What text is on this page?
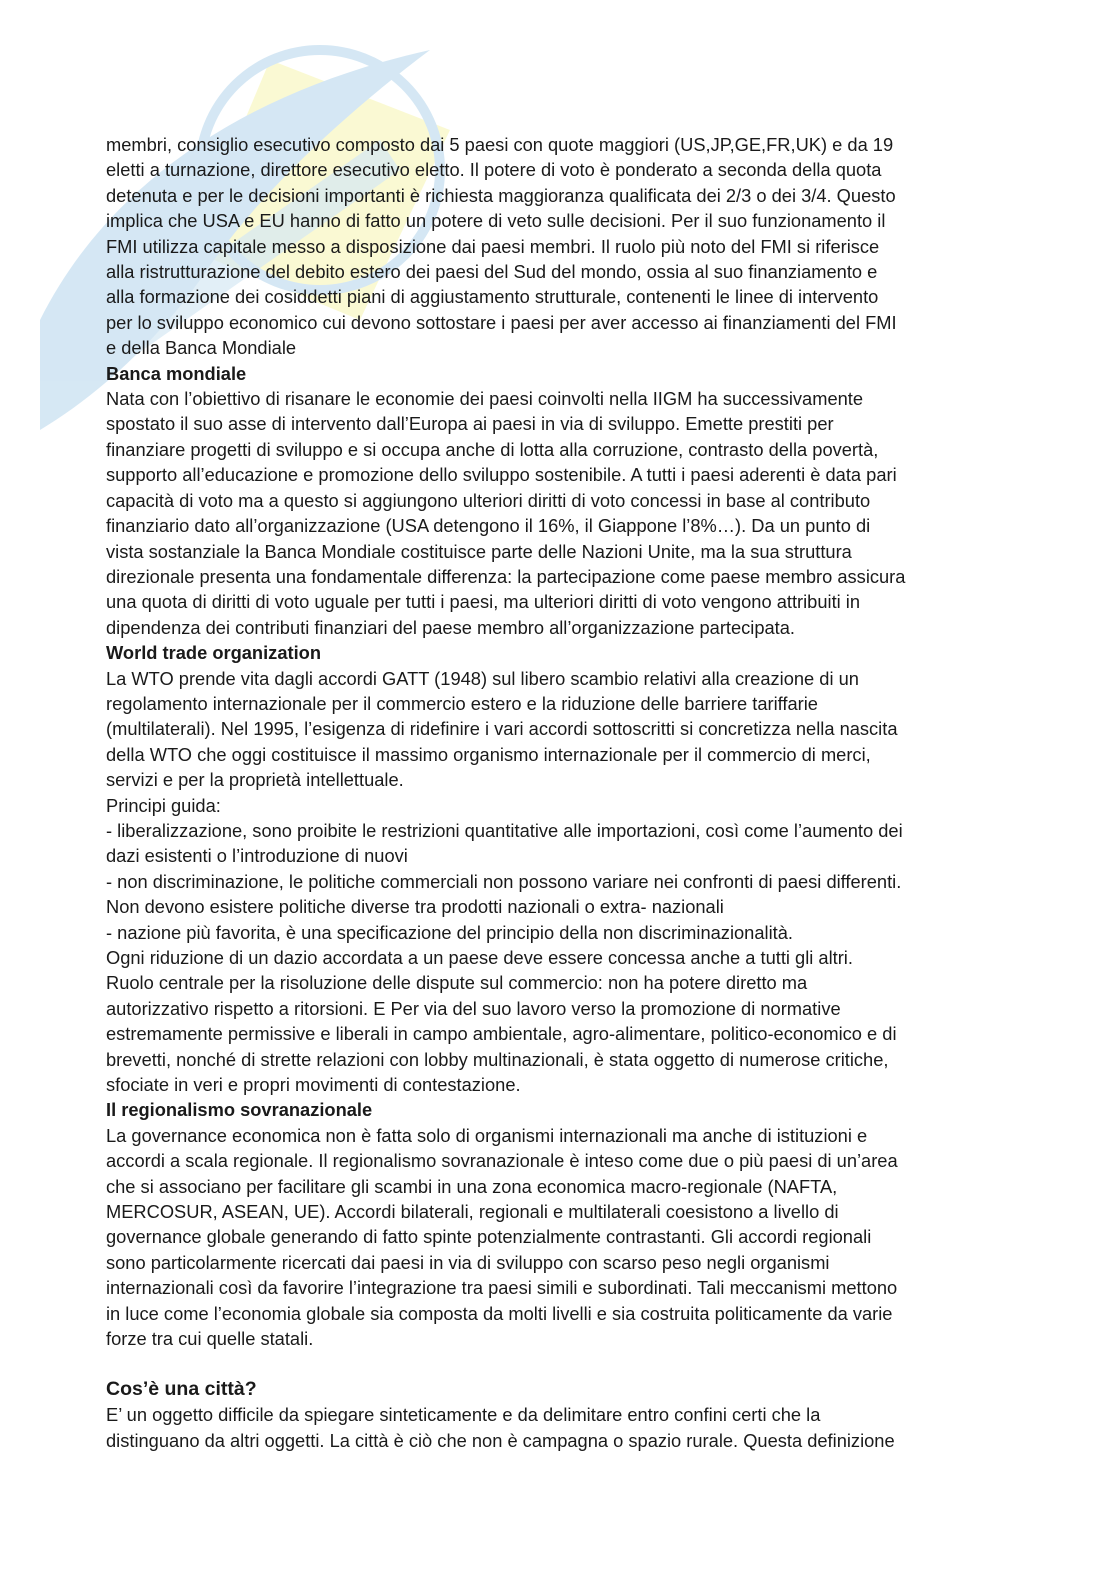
membri, consiglio esecutivo composto dai 5 paesi con quote maggiori (US,JP,GE,FR,UK) e da 19
eletti a turnazione, direttore esecutivo eletto. Il potere di voto è ponderato a seconda della quota
detenuta e per le decisioni importanti è richiesta maggioranza qualificata dei 2/3 o dei 3/4. Questo
implica che USA e EU hanno di fatto un potere di veto sulle decisioni. Per il suo funzionamento il
FMI utilizza capitale messo a disposizione dai paesi membri. Il ruolo più noto del FMI si riferisce
alla ristrutturazione del debito estero dei paesi del Sud del mondo, ossia al suo finanziamento e
alla formazione dei cosiddetti piani di aggiustamento strutturale, contenenti le linee di intervento
per lo sviluppo economico cui devono sottostare i paesi per aver accesso ai finanziamenti del FMI
e della Banca Mondiale

Banca mondiale

Nata con l’obiettivo di risanare le economie dei paesi coinvolti nella IIGM ha successivamente
spostato il suo asse di intervento dall’Europa ai paesi in via di sviluppo. Emette prestiti per
finanziare progetti di sviluppo e si occupa anche di lotta alla corruzione, contrasto della povertà,
supporto all’educazione e promozione dello sviluppo sostenibile. A tutti i paesi aderenti è data pari
capacità di voto ma a questo si aggiungono ulteriori diritti di voto concessi in base al contributo
finanziario dato all’organizzazione (USA detengono il 16%, il Giappone l’8%…). Da un punto di
vista sostanziale la Banca Mondiale costituisce parte delle Nazioni Unite, ma la sua struttura
direzionale presenta una fondamentale differenza: la partecipazione come paese membro assicura
una quota di diritti di voto uguale per tutti i paesi, ma ulteriori diritti di voto vengono attribuiti in
dipendenza dei contributi finanziari del paese membro all’organizzazione partecipata.

World trade organization

La WTO prende vita dagli accordi GATT (1948) sul libero scambio relativi alla creazione di un
regolamento internazionale per il commercio estero e la riduzione delle barriere tariffarie
(multilaterali). Nel 1995, l’esigenza di ridefinire i vari accordi sottoscritti si concretizza nella nascita
della WTO che oggi costituisce il massimo organismo internazionale per il commercio di merci,
servizi e per la proprietà intellettuale.
Principi guida:
- liberalizzazione, sono proibite le restrizioni quantitative alle importazioni, così come l’aumento dei
dazi esistenti o l’introduzione di nuovi
- non discriminazione, le politiche commerciali non possono variare nei confronti di paesi differenti.
Non devono esistere politiche diverse tra prodotti nazionali o extra- nazionali
- nazione più favorita, è una specificazione del principio della non discriminazionalità.
Ogni riduzione di un dazio accordata a un paese deve essere concessa anche a tutti gli altri.
Ruolo centrale per la risoluzione delle dispute sul commercio: non ha potere diretto ma
autorizzativo rispetto a ritorsioni. E Per via del suo lavoro verso la promozione di normative
estremamente permissive e liberali in campo ambientale, agro-alimentare, politico-economico e di
brevetti, nonché di strette relazioni con lobby multinazionali, è stata oggetto di numerose critiche,
sfociate in veri e propri movimenti di contestazione.

Il regionalismo sovranazionale

La governance economica non è fatta solo di organismi internazionali ma anche di istituzioni e
accordi a scala regionale. Il regionalismo sovranazionale è inteso come due o più paesi di un’area
che si associano per facilitare gli scambi in una zona economica macro-regionale (NAFTA,
MERCOSUR, ASEAN, UE). Accordi bilaterali, regionali e multilaterali coesistono a livello di
governance globale generando di fatto spinte potenzialmente contrastanti. Gli accordi regionali
sono particolarmente ricercati dai paesi in via di sviluppo con scarso peso negli organismi
internazionali così da favorire l’integrazione tra paesi simili e subordinati. Tali meccanismi mettono
in luce come l’economia globale sia composta da molti livelli e sia costruita politicamente da varie
forze tra cui quelle statali.

Cos’è una città?

E’ un oggetto difficile da spiegare sinteticamente e da delimitare entro confini certi che la
distinguano da altri oggetti. La città è ciò che non è campagna o spazio rurale. Questa definizione
